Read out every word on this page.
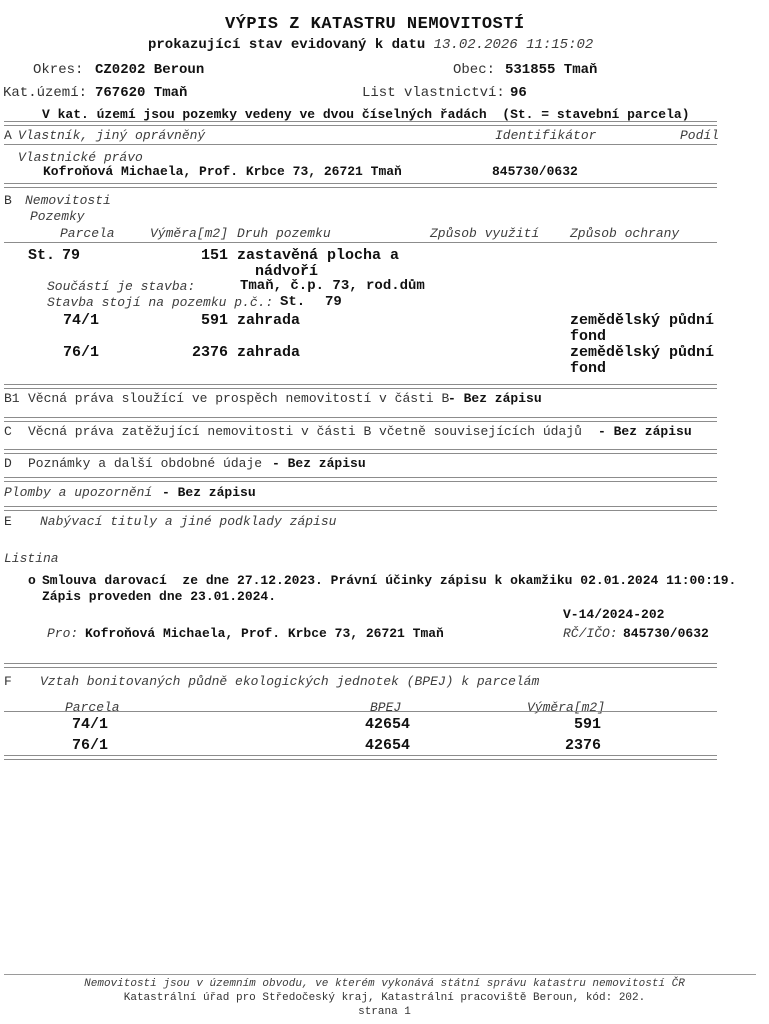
VÝPIS Z KATASTRU NEMOVITOSTÍ
prokazující stav evidovaný k datu 13.02.2026 11:15:02
Okres: CZ0202 Beroun	Obec: 531855 Tmaň
Kat.území: 767620 Tmaň	List vlastnictví: 96
V kat. území jsou pozemky vedeny ve dvou číselných řadách  (St. = stavební parcela)
A Vlastník, jiný oprávněný	Identifikátor	Podíl
Vlastnické právo
Kofroňová Michaela, Prof. Krbce 73, 26721 Tmaň	845730/0632
B Nemovitosti
Pozemky
Parcela	Výměra[m2] Druh pozemku	Způsob využití Způsob ochrany
St. 79	151 zastavěná plocha a
nádvoří
Součástí je stavba:	Tmaň, č.p. 73, rod.dům
Stavba stojí na pozemku p.č.: St. 79
74/1	591 zahrada	zemědělský půdní
fond
76/1	2376 zahrada	zemědělský půdní
fond
B1 Věcná práva sloužící ve prospěch nemovitostí v části B
- Bez zápisu
C Věcná práva zatěžující nemovitosti v části B včetně souvisejících údajů - Bez zápisu
D Poznámky a další obdobné údaje - Bez zápisu
Plomby a upozornění - Bez zápisu
E Nabývací tituly a jiné podklady zápisu
Listina
o Smlouva darovací  ze dne 27.12.2023. Právní účinky zápisu k okamžiku 02.01.2024 11:00:19.
Zápis proveden dne 23.01.2024.
V-14/2024-202
Pro: Kofroňová Michaela, Prof. Krbce 73, 26721 Tmaň	RČ/IČO: 845730/0632
F Vztah bonitovaných půdně ekologických jednotek (BPEJ) k parcelám
Parcela	BPEJ	Výměra[m2]
74/1	42654	591
76/1	42654	2376
Nemovitosti jsou v územním obvodu, ve kterém vykonává státní správu katastru nemovitostí ČR
Katastrální úřad pro Středočeský kraj, Katastrální pracoviště Beroun, kód: 202.
strana 1
